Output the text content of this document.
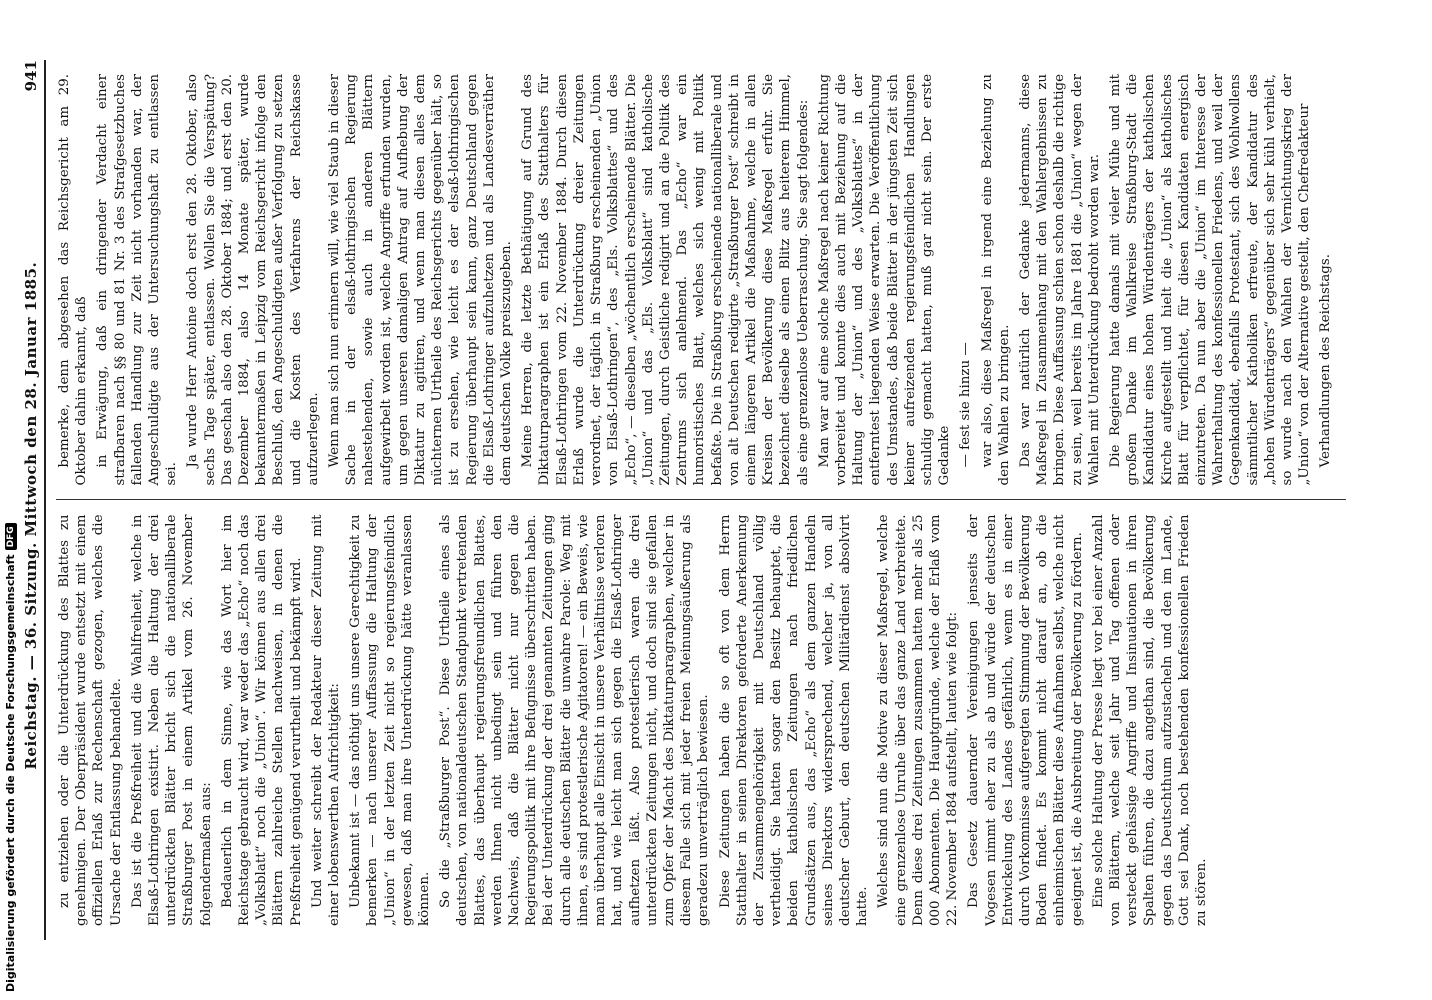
Digitalisierung gefördert durch die Deutsche Forschungsgemeinschaft
DFG Reichstag. — 36. Sitzung. Mittwoch den 28. Januar 1885.
941

zu entziehen oder die Unterdrückung des Blattes zu genehmigen. Der Oberpräsident wurde entsetzt mit einem offiziellen Erlaß zur Rechenschaft gezogen, welches die Ursache der Entlassung behandelte. Das ist die Preßfreiheit und die Wahlfreiheit, welche in Elsaß-Lothringen existirt. Neben die Haltung der drei unterdrückten Blätter bricht sich die nationalliberale Straßburger Post in einem Artikel vom 26. November folgendermaßen aus: Bedauerlich in dem Sinne, wie das Wort hier im Reichstage gebraucht wird, war weder das „Echo“ noch das „Volksblatt“ noch die „Union“. Wir können aus allen drei Blättern zahlreiche Stellen nachweisen, in denen die Preßfreiheit genügend verurtheilt und bekämpft wird. Und weiter schreibt der Redakteur dieser Zeitung mit einer lobenswerthen Aufrichtigkeit: Unbekannt ist — das nöthigt uns unsere Gerechtigkeit zu bemerken — nach unserer Auffassung die Haltung der „Union“ in der letzten Zeit nicht so regierungsfeindlich gewesen, daß man ihre Unterdrückung hätte veranlassen können. So die „Straßburger Post“. Diese Urtheile eines als deutschen, von nationaldeutschen Standpunkt vertretenden Blattes, das überhaupt regierungsfreundlichen Blattes, werden Ihnen nicht unbedingt sein und führen den Nachweis, daß die Blätter nicht nur gegen die Regierungspolitik mit ihre Befugnisse überschritten haben. Bei der Unterdrückung der drei genannten Zeitungen ging durch alle deutschen Blätter die unwahre Parole: Weg mit ihnen, es sind protestlerische Agitatoren! — ein Beweis, wie man überhaupt alle Einsicht in unsere Verhältnisse verloren hat, und wie leicht man sich gegen die Elsaß-Lothringer aufhetzen läßt. Also protestlerisch waren die drei unterdrückten Zeitungen nicht, und doch sind sie gefallen zum Opfer der Macht des Diktaturparagraphen, welcher in diesem Falle sich mit jeder freien Meinungsäußerung als geradezu unverträglich bewiesen. Diese Zeitungen haben die so oft von dem Herrn Statthalter in seinen Direktoren geforderte Anerkennung der Zusammengehörigkeit mit Deutschland völlig vertheidigt. Sie hatten sogar den Besitz behauptet, die beiden katholischen Zeitungen nach friedlichen Grundsätzen aus, das „Echo“ als dem ganzen Handeln seines Direktors widersprechend, welcher ja, von all deutscher Geburt, den deutschen Militärdienst absolvirt hatte. Welches sind nun die Motive zu dieser Maßregel, welche eine grenzenlose Unruhe über das ganze Land verbreitete. Denn diese drei Zeitungen zusammen hatten mehr als 25 000 Abonnenten. Die Hauptgründe, welche der Erlaß vom 22. November 1884 aufstellt, lauten wie folgt: Das Gesetz dauernder Vereinigungen jenseits der Vogesen nimmt eher zu als ab und würde der deutschen Entwickelung des Landes gefährlich, wenn es in einer durch Vorkomnisse aufgeregten Stimmung der Bevölkerung Boden findet. Es kommt nicht darauf an, ob die einheimischen Blätter diese Aufnahmen selbst, welche nicht geeignet ist, die Ausbreitung der Bevölkerung zu fördern. Eine solche Haltung der Presse liegt vor bei einer Anzahl von Blättern, welche seit Jahr und Tag offenen oder versteckt gehässige Angriffe und Insinuationen in ihren Spalten führen, die dazu angethan sind, die Bevölkerung gegen das Deutschthum aufzustacheln und den im Lande, Gott sei Dank, noch bestehenden konfessionellen Frieden zu stören.

bemerke, denn abgesehen das Reichsgericht am 29. Oktober dahin erkannt, daß in Erwägung, daß ein dringender Verdacht einer strafbaren nach §§ 80 und 81 Nr. 3 des Strafgesetzbuches fallenden Handlung zur Zeit nicht vorhanden war, der Angeschuldigte aus der Untersuchungshaft zu entlassen sei.

Ja wurde Herr Antoine doch erst den 28. Oktober, also sechs Tage später, entlassen. Wollen Sie die Verspätung? Das geschah also den 28. Oktober 1884; und erst den 20. Dezember 1884, also 14 Monate später, wurde bekanntermaßen in Leipzig vom Reichsgericht infolge den Beschluß, den Angeschuldigten außer Verfolgung zu setzen und die Kosten des Verfahrens der Reichskasse aufzuerlegen. Wenn man sich nun erinnern will, wie viel Staub in dieser Sache in der elsaß-lothringischen Regierung nahestehenden, sowie auch in anderen Blättern aufgewirbelt worden ist, welche Angriffe erfunden wurden, um gegen unseren damaligen Antrag auf Aufhebung der Diktatur zu agitiren, und wenn man diesen alles dem nüchternen Urtheile des Reichsgerichts gegenüber hält, so ist zu ersehen, wie leicht es der elsaß-lothringischen Regierung überhaupt sein kann, ganz Deutschland gegen die Elsaß-Lothringer aufzuhetzen und als Landesverräther dem deutschen Volke preiszugeben. Meine Herren, die letzte Bethätigung auf Grund des Diktaturparagraphen ist ein Erlaß des Statthalters für Elsaß-Lothringen vom 22. November 1884. Durch diesen Erlaß wurde die Unterdrückung dreier Zeitungen verordnet, der täglich in Straßburg erscheinenden „Union von Elsaß-Lothringen“, des „Els. Volksblattes“ und des „Echo“, — dieselben „wöchentlich erscheinende Blätter. Die „Union“ und das „Els. Volksblatt“ sind katholische Zeitungen, durch Geistliche redigirt und an die Politik des Zentrums sich anlehnend. Das „Echo“ war ein humoristisches Blatt, welches sich wenig mit Politik befaßte. Die in Straßburg erscheinende nationalliberale und von alt Deutschen redigirte „Straßburger Post“ schreibt in einem längeren Artikel die Maßnahme, welche in allen Kreisen der Bevölkerung diese Maßregel erfuhr. Sie bezeichnet dieselbe als einen Blitz aus heiterem Himmel, als eine grenzenlose Ueberraschung. Sie sagt folgendes: Man war auf eine solche Maßregel nach keiner Richtung vorbereitet und konnte dies auch mit Beziehung auf die Haltung der „Union“ und des „Volksblattes“ in der entferntest liegenden Weise erwarten. Die Veröffentlichung des Umstandes, daß beide Blätter in der jüngsten Zeit sich keiner aufreizenden regierungsfeindlichen Handlungen schuldig gemacht hatten, muß gar nicht sein. Der erste Gedanke — fest sie hinzu — war also, diese Maßregel in irgend eine Beziehung zu den Wahlen zu bringen. Das war natürlich der Gedanke jedermanns, diese Maßregel in Zusammenhang mit den Wahlergebnissen zu bringen. Diese Auffassung schien schon deshalb die richtige zu sein, weil bereits im Jahre 1881 die „Union“ wegen der Wahlen mit Unterdrückung bedroht worden war. Die Regierung hatte damals mit vieler Mühe und mit großem Danke im Wahlkreise Straßburg-Stadt die Kandidatur eines hohen Würdenträgers der katholischen Kirche aufgestellt und hielt die „Union“ als katholisches Blatt für verpflichtet, für diesen Kandidaten energisch einzutreten. Da nun aber die „Union“ im Interesse der Wahrerhaltung des konfessionellen Friedens, und weil der Gegenkandidat, ebenfalls Protestant, sich des Wohlwollens sämmtlicher Katholiken erfreute, der Kandidatur des „hohen Würdenträgers“ gegenüber sich sehr kühl verhielt, so wurde nach den Wahlen der Vernichtungskrieg der „Union“ von der Alternative gestellt, den Chefredakteur Verhandlungen des Reichstags.
